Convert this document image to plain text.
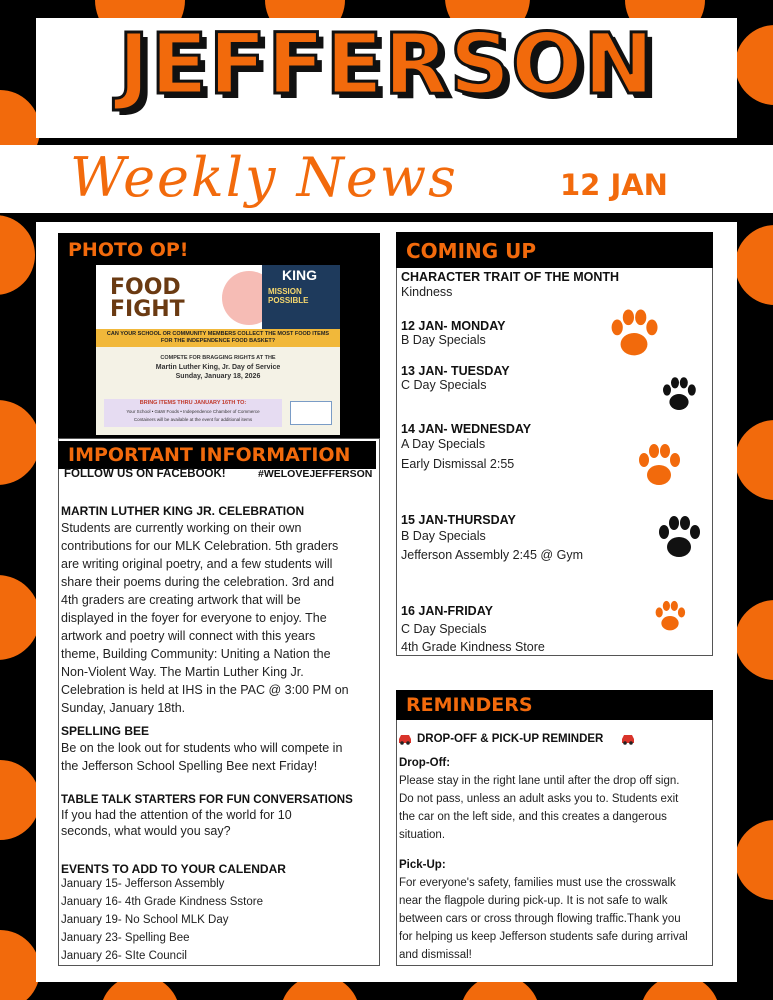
JEFFERSON
Weekly News	12 JAN
PHOTO OP!
FOOD FIGHT
KING
MISSION POSSIBLE
CAN YOUR SCHOOL OR COMMUNITY MEMBERS COLLECT THE MOST FOOD ITEMS FOR THE INDEPENDENCE FOOD BASKET?
COMPETE FOR BRAGGING RIGHTS AT THE
Martin Luther King, Jr. Day of Service
Sunday, January 18, 2026
BRING ITEMS THRU JANUARY 16TH TO:
Your School • G&W Foods • Independence Chamber of Commerce
Containers will be available at the event for additional items
IMPORTANT INFORMATION
FOLLOW US ON FACEBOOK!	#WELOVEJEFFERSON
MARTIN LUTHER KING JR. CELEBRATION
Students are currently working on their own
contributions for our MLK Celebration. 5th graders
are writing original poetry, and a few students will
share their poems during the celebration. 3rd and
4th graders are creating artwork that will be
displayed in the foyer for everyone to enjoy. The
artwork and poetry will connect with this years
theme, Building Community: Uniting a Nation the
Non-Violent Way. The Martin Luther King Jr.
Celebration is held at IHS in the PAC @ 3:00 PM on
Sunday, January 18th.
SPELLING BEE
Be on the look out for students who will compete in
the Jefferson School Spelling Bee next Friday!
TABLE TALK STARTERS FOR FUN CONVERSATIONS
If you had the attention of the world for 10
seconds, what would you say?
EVENTS TO ADD TO YOUR CALENDAR
January 15- Jefferson Assembly
January 16- 4th Grade Kindness Sstore
January 19- No School MLK Day
January 23- Spelling Bee
January 26- SIte Council
COMING UP
CHARACTER TRAIT OF THE MONTH
Kindness
12 JAN- MONDAY
B Day Specials
13 JAN- TUESDAY
C Day Specials
14 JAN- WEDNESDAY
A Day Specials
Early Dismissal 2:55
15 JAN-THURSDAY
B Day Specials
Jefferson Assembly 2:45 @ Gym
16 JAN-FRIDAY
C Day Specials
4th Grade Kindness Store
REMINDERS
DROP-OFF & PICK-UP REMINDER
Drop-Off:
Please stay in the right lane until after the drop off sign.
Do not pass, unless an adult asks you to. Students exit
the car on the left side, and this creates a dangerous
situation.
Pick-Up:
For everyone's safety, families must use the crosswalk
near the flagpole during pick-up. It is not safe to walk
between cars or cross through flowing traffic.Thank you
for helping us keep Jefferson students safe during arrival
and dismissal!
